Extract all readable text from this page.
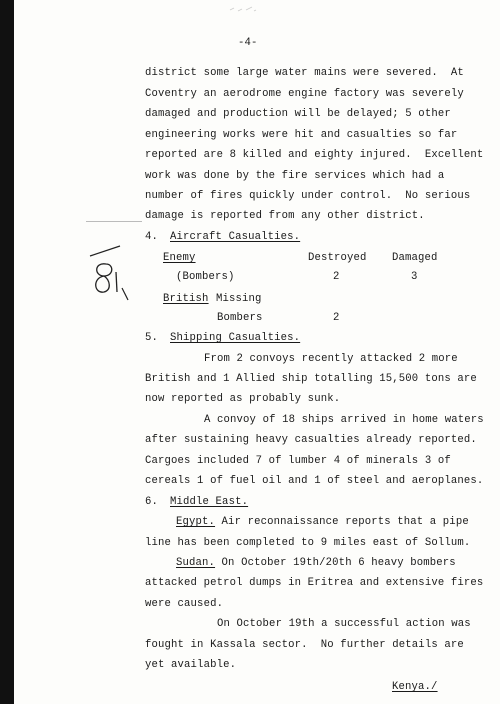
-4-
district some large water mains were severed.  At
Coventry an aerodrome engine factory was severely
damaged and production will be delayed; 5 other
engineering works were hit and casualties so far
reported are 8 killed and eighty injured.  Excellent
work was done by the fire services which had a
number of fires quickly under control.  No serious
damage is reported from any other district.
4. Aircraft Casualties.
Enemy	Destroyed Damaged
(Bombers)	2	3
British Missing
Bombers	2
5. Shipping Casualties.
From 2 convoys recently attacked 2 more
British and 1 Allied ship totalling 15,500 tons are
now reported as probably sunk.
A convoy of 18 ships arrived in home waters
after sustaining heavy casualties already reported.
Cargoes included 7 of lumber 4 of minerals 3 of
cereals 1 of fuel oil and 1 of steel and aeroplanes.
6. Middle East.
Egypt. Air reconnaissance reports that a pipe
line has been completed to 9 miles east of Sollum.
Sudan. On October 19th/20th 6 heavy bombers
attacked petrol dumps in Eritrea and extensive fires
were caused.
On October 19th a successful action was
fought in Kassala sector.  No further details are
yet available.
Kenya./
